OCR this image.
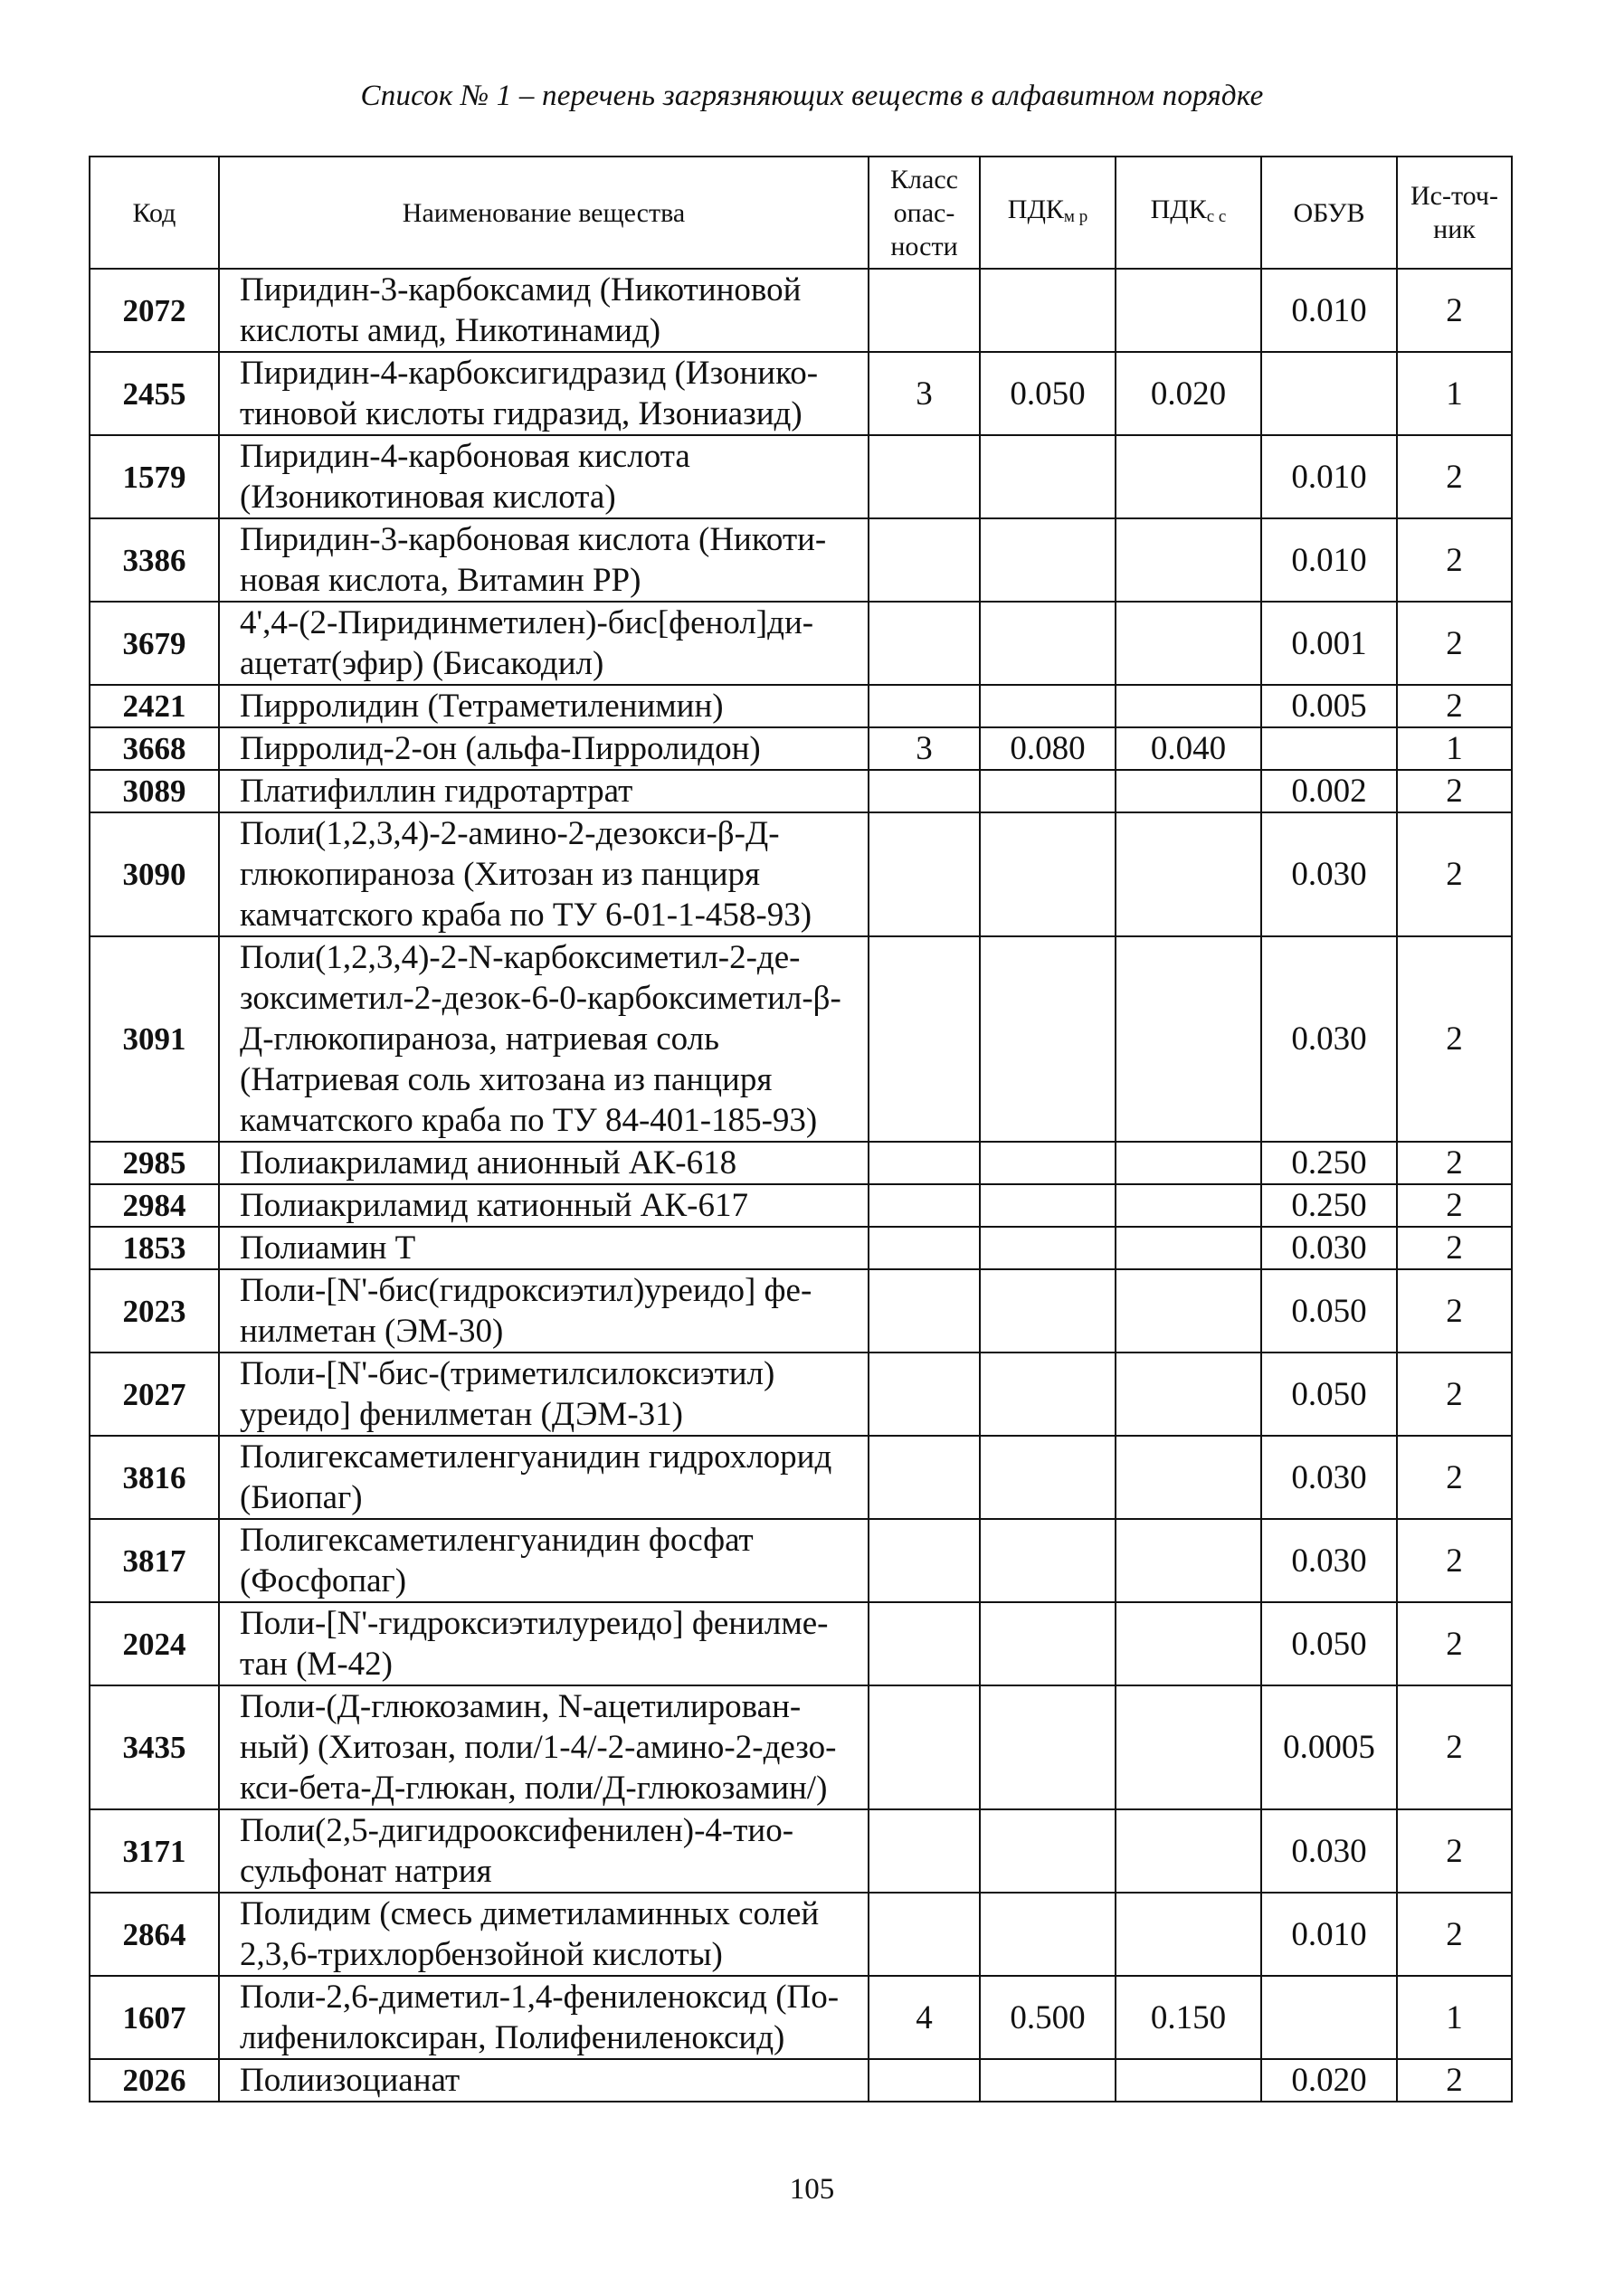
Список № 1 – перечень загрязняющих веществ в алфавитном порядке
Код	Наименование вещества	Класс опас-ности	ПДКм р	ПДКс с	ОБУВ	Ис-точ-ник
2072	Пиридин-3-карбоксамид (Никотиновой кислоты амид, Никотинамид)				0.010	2
2455	Пиридин-4-карбоксигидразид (Изонико-тиновой кислоты гидразид, Изониазид)	3	0.050	0.020		1
1579	Пиридин-4-карбоновая кислота (Изоникотиновая кислота)				0.010	2
3386	Пиридин-3-карбоновая кислота (Никоти-новая кислота, Витамин PP)				0.010	2
3679	4',4-(2-Пиридинметилен)-бис[фенол]ди-ацетат(эфир) (Бисакодил)				0.001	2
2421	Пирролидин (Тетраметиленимин)				0.005	2
3668	Пирролид-2-он (альфа-Пирролидон)	3	0.080	0.040		1
3089	Платифиллин гидротартрат				0.002	2
3090	Поли(1,2,3,4)-2-амино-2-дезокси-β-Д-глюкопираноза (Хитозан из панциря камчатского краба по ТУ 6-01-1-458-93)				0.030	2
3091	Поли(1,2,3,4)-2-N-карбоксиметил-2-де-зоксиметил-2-дезок-6-0-карбоксиметил-β-Д-глюкопираноза, натриевая соль (Натриевая соль хитозана из панциря камчатского краба по ТУ 84-401-185-93)				0.030	2
2985	Полиакриламид анионный АК-618				0.250	2
2984	Полиакриламид катионный АК-617				0.250	2
1853	Полиамин Т				0.030	2
2023	Поли-[N'-бис(гидроксиэтил)уреидо] фе-нилметан (ЭМ-30)				0.050	2
2027	Поли-[N'-бис-(триметилсилоксиэтил) уреидо] фенилметан (ДЭМ-31)				0.050	2
3816	Полигексаметиленгуанидин гидрохлорид (Биопаг)				0.030	2
3817	Полигексаметиленгуанидин фосфат (Фосфопаг)				0.030	2
2024	Поли-[N'-гидроксиэтилуреидо] фенилме-тан (М-42)				0.050	2
3435	Поли-(Д-глюкозамин, N-ацетилирован-ный) (Хитозан, поли/1-4/-2-амино-2-дезо-кси-бета-Д-глюкан, поли/Д-глюкозамин/)				0.0005	2
3171	Поли(2,5-дигидрооксифенилен)-4-тио-сульфонат натрия				0.030	2
2864	Полидим (смесь диметиламинных солей 2,3,6-трихлорбензойной кислоты)				0.010	2
1607	Поли-2,6-диметил-1,4-фениленоксид (По-лифенилоксиран, Полифениленоксид)	4	0.500	0.150		1
2026	Полиизоцианат				0.020	2
105
